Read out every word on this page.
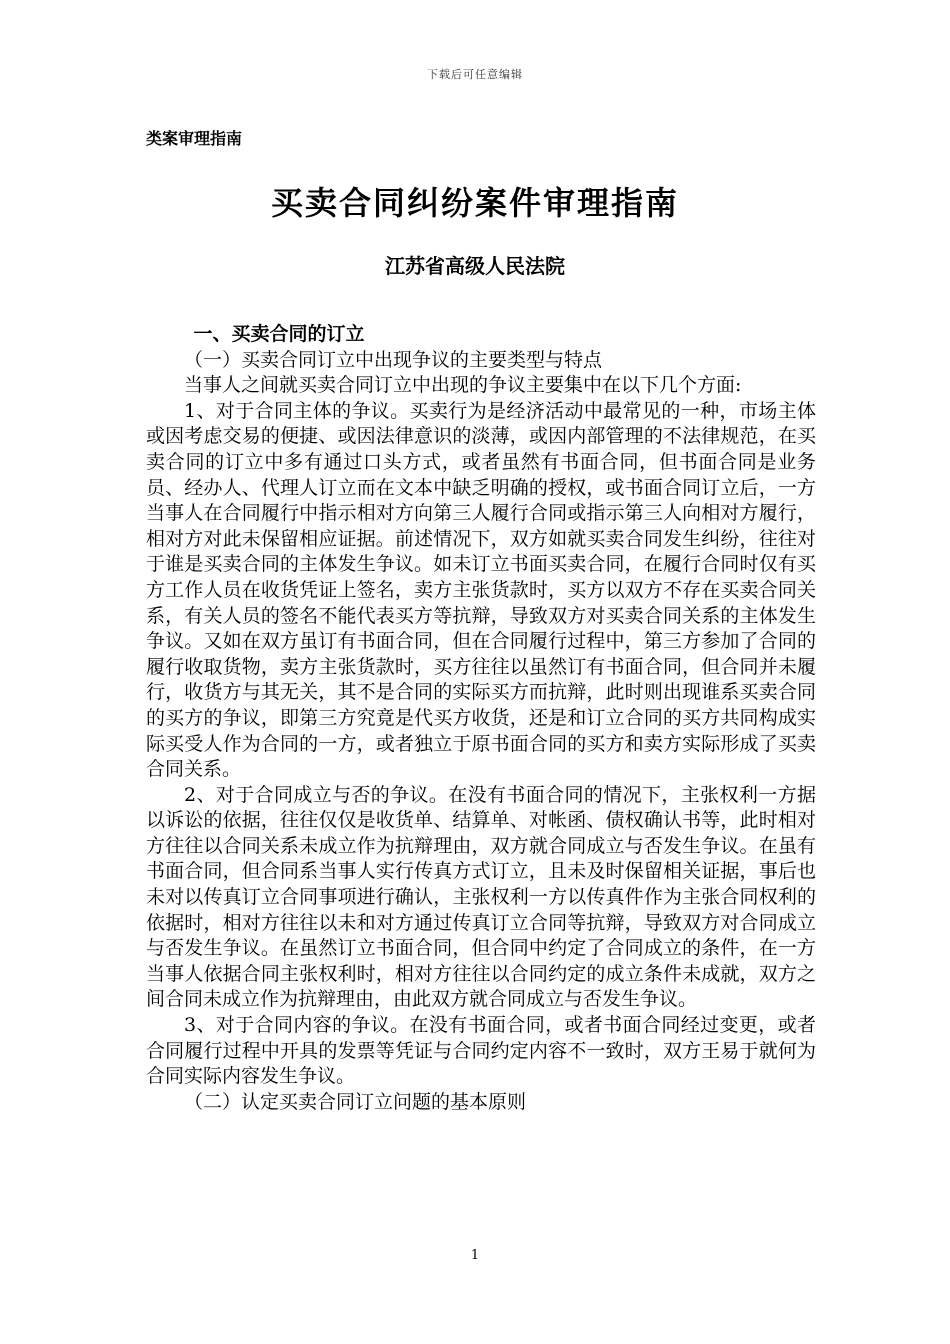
下载后可任意编辑
类案审理指南
买卖合同纠纷案件审理指南
江苏省高级人民法院

一、买卖合同的订立

（一）买卖合同订立中出现争议的主要类型与特点

当事人之间就买卖合同订立中出现的争议主要集中在以下几个方面:

1、对于合同主体的争议。买卖行为是经济活动中最常见的一种，市场主体或因考虑交易的便捷、或因法律意识的淡薄，或因内部管理的不法律规范，在买卖合同的订立中多有通过口头方式，或者虽然有书面合同，但书面合同是业务员、经办人、代理人订立而在文本中缺乏明确的授权，或书面合同订立后，一方当事人在合同履行中指示相对方向第三人履行合同或指示第三人向相对方履行，相对方对此未保留相应证据。前述情况下，双方如就买卖合同发生纠纷，往往对于谁是买卖合同的主体发生争议。如未订立书面买卖合同，在履行合同时仅有买方工作人员在收货凭证上签名，卖方主张货款时，买方以双方不存在买卖合同关系，有关人员的签名不能代表买方等抗辩，导致双方对买卖合同关系的主体发生争议。又如在双方虽订有书面合同，但在合同履行过程中，第三方参加了合同的履行收取货物，卖方主张货款时，买方往往以虽然订有书面合同，但合同并未履行，收货方与其无关，其不是合同的实际买方而抗辩，此时则出现谁系买卖合同的买方的争议，即第三方究竟是代买方收货，还是和订立合同的买方共同构成实际买受人作为合同的一方，或者独立于原书面合同的买方和卖方实际形成了买卖合同关系。

2、对于合同成立与否的争议。在没有书面合同的情况下，主张权利一方据以诉讼的依据，往往仅仅是收货单、结算单、对帐函、债权确认书等，此时相对方往往以合同关系未成立作为抗辩理由，双方就合同成立与否发生争议。在虽有书面合同，但合同系当事人实行传真方式订立，且未及时保留相关证据，事后也未对以传真订立合同事项进行确认，主张权利一方以传真件作为主张合同权利的依据时，相对方往往以未和对方通过传真订立合同等抗辩，导致双方对合同成立与否发生争议。在虽然订立书面合同，但合同中约定了合同成立的条件，在一方当事人依据合同主张权利时，相对方往往以合同约定的成立条件未成就，双方之间合同未成立作为抗辩理由，由此双方就合同成立与否发生争议。

3、对于合同内容的争议。在没有书面合同，或者书面合同经过变更，或者合同履行过程中开具的发票等凭证与合同约定内容不一致时，双方王易于就何为合同实际内容发生争议。

（二）认定买卖合同订立问题的基本原则

1
